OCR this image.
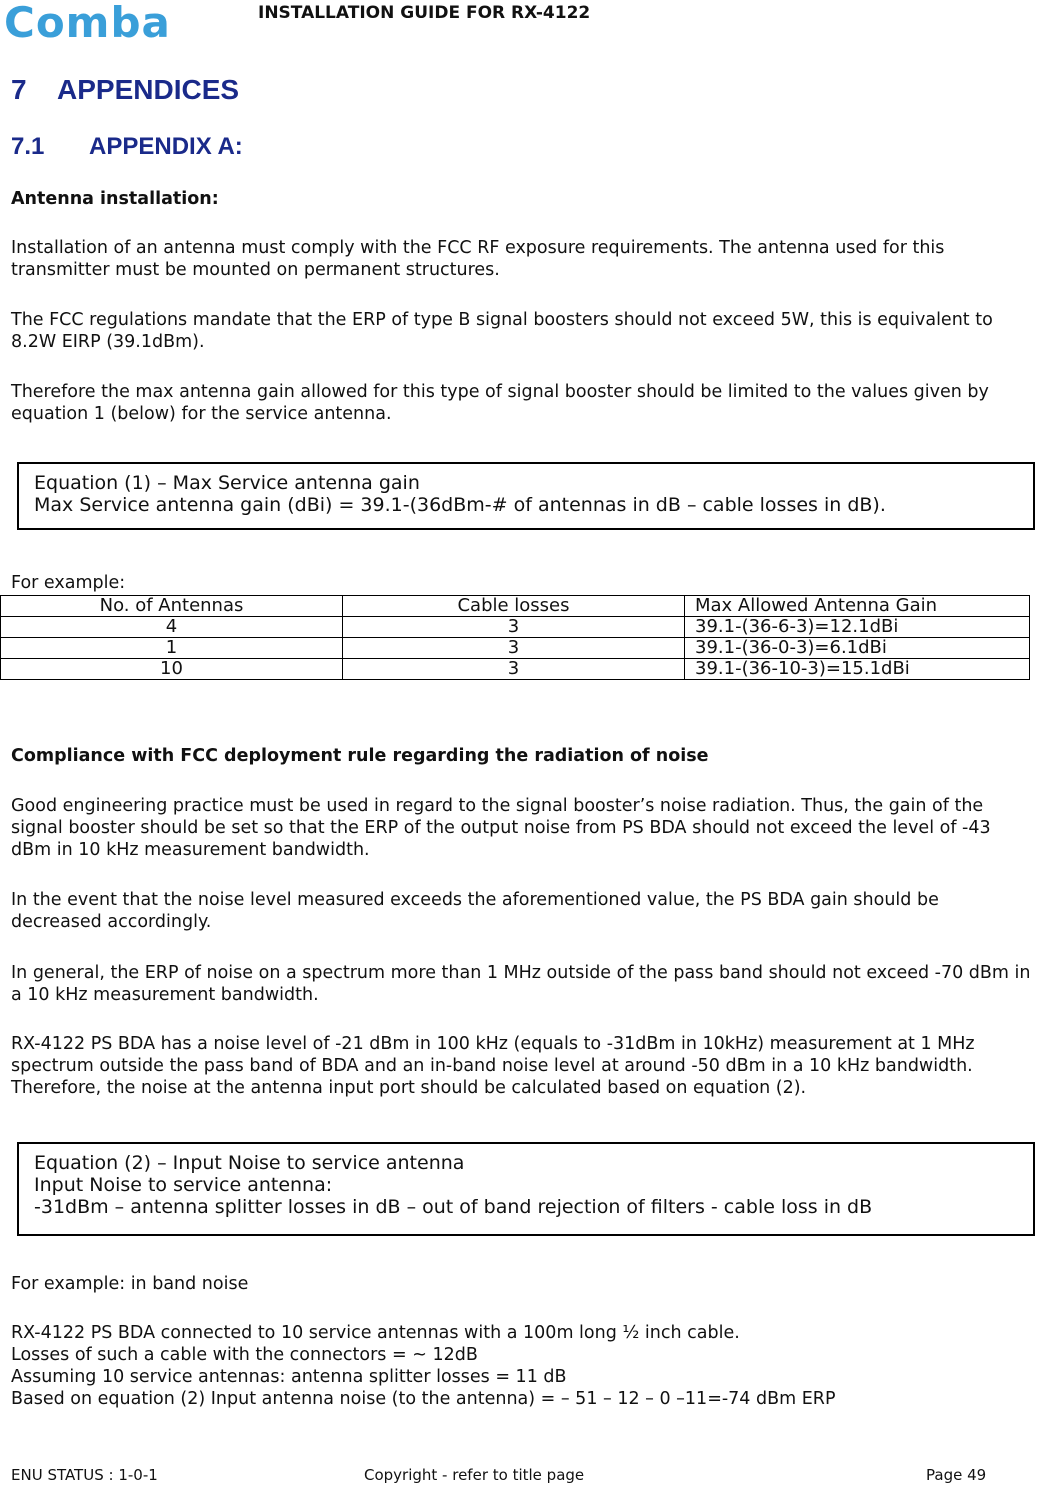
Comba	INSTALLATION GUIDE FOR RX-4122
7 APPENDICES
7.1 APPENDIX A:
Antenna installation:
Installation of an antenna must comply with the FCC RF exposure requirements. The antenna used for this transmitter must be mounted on permanent structures.
The FCC regulations mandate that the ERP of type B signal boosters should not exceed 5W, this is equivalent to 8.2W EIRP (39.1dBm).
Therefore the max antenna gain allowed for this type of signal booster should be limited to the values given by equation 1 (below) for the service antenna.
Equation (1) – Max Service antenna gain
Max Service antenna gain (dBi) = 39.1-(36dBm-# of antennas in dB – cable losses in dB).
For example:
No. of Antennas	Cable losses	Max Allowed Antenna Gain
4	3	39.1-(36-6-3)=12.1dBi
1	3	39.1-(36-0-3)=6.1dBi
10	3	39.1-(36-10-3)=15.1dBi
Compliance with FCC deployment rule regarding the radiation of noise
Good engineering practice must be used in regard to the signal booster’s noise radiation. Thus, the gain of the signal booster should be set so that the ERP of the output noise from PS BDA should not exceed the level of -43 dBm in 10 kHz measurement bandwidth.
In the event that the noise level measured exceeds the aforementioned value, the PS BDA gain should be decreased accordingly.
In general, the ERP of noise on a spectrum more than 1 MHz outside of the pass band should not exceed -70 dBm in a 10 kHz measurement bandwidth.
RX-4122 PS BDA has a noise level of -21 dBm in 100 kHz (equals to -31dBm in 10kHz) measurement at 1 MHz spectrum outside the pass band of BDA and an in-band noise level at around -50 dBm in a 10 kHz bandwidth. Therefore, the noise at the antenna input port should be calculated based on equation (2).
Equation (2) – Input Noise to service antenna
Input Noise to service antenna:
-31dBm – antenna splitter losses in dB – out of band rejection of filters - cable loss in dB
For example: in band noise
RX-4122 PS BDA connected to 10 service antennas with a 100m long ½ inch cable.
Losses of such a cable with the connectors = ~ 12dB
Assuming 10 service antennas: antenna splitter losses = 11 dB
Based on equation (2) Input antenna noise (to the antenna) = – 51 – 12 – 0 –11=-74 dBm ERP
ENU STATUS : 1-0-1	Copyright - refer to title page	Page 49
